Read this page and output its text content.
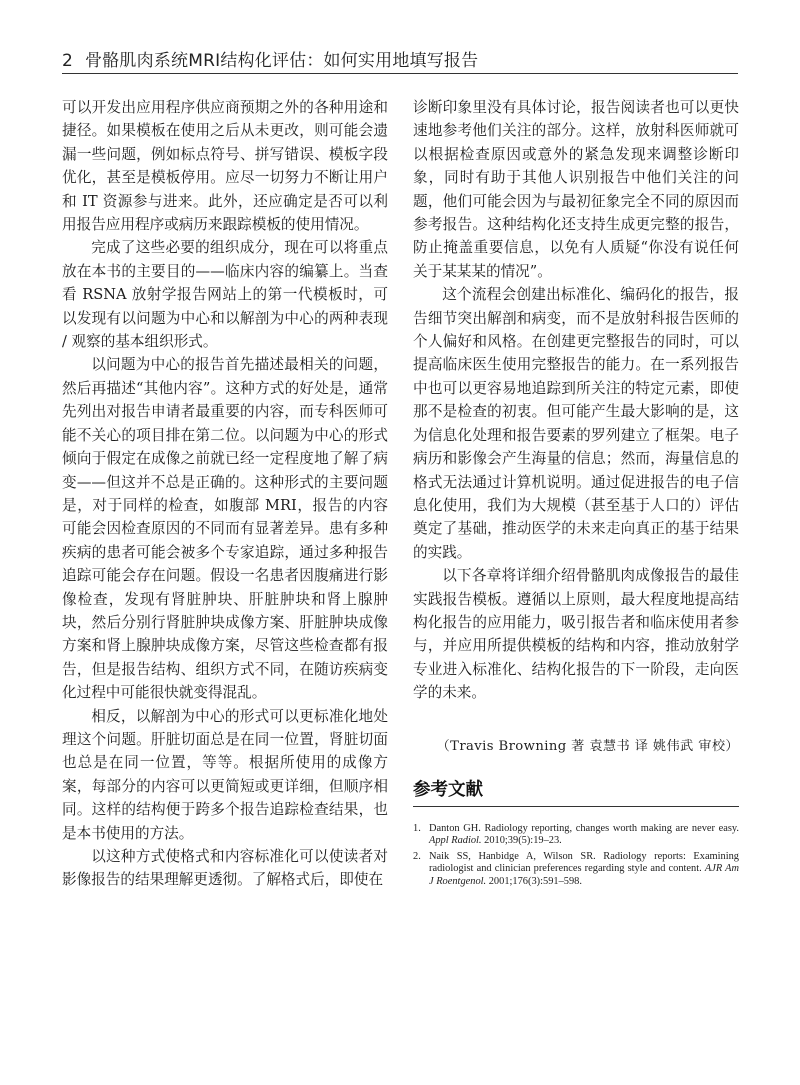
2 骨骼肌肉系统MRI结构化评估：如何实用地填写报告

可以开发出应用程序供应商预期之外的各种用途和捷径。如果模板在使用之后从未更改，则可能会遗漏一些问题，例如标点符号、拼写错误、模板字段优化，甚至是模板停用。应尽一切努力不断让用户和 IT 资源参与进来。此外，还应确定是否可以利用报告应用程序或病历来跟踪模板的使用情况。

完成了这些必要的组织成分，现在可以将重点放在本书的主要目的——临床内容的编纂上。当查看 RSNA 放射学报告网站上的第一代模板时，可以发现有以问题为中心和以解剖为中心的两种表现 / 观察的基本组织形式。

以问题为中心的报告首先描述最相关的问题，然后再描述“其他内容”。这种方式的好处是，通常先列出对报告申请者最重要的内容，而专科医师可能不关心的项目排在第二位。以问题为中心的形式倾向于假定在成像之前就已经一定程度地了解了病变——但这并不总是正确的。这种形式的主要问题是，对于同样的检查，如腹部 MRI，报告的内容可能会因检查原因的不同而有显著差异。患有多种疾病的患者可能会被多个专家追踪，通过多种报告追踪可能会存在问题。假设一名患者因腹痛进行影像检查，发现有肾脏肿块、肝脏肿块和肾上腺肿块，然后分别行肾脏肿块成像方案、肝脏肿块成像方案和肾上腺肿块成像方案，尽管这些检查都有报告，但是报告结构、组织方式不同，在随访疾病变化过程中可能很快就变得混乱。

相反，以解剖为中心的形式可以更标准化地处理这个问题。肝脏切面总是在同一位置，肾脏切面也总是在同一位置，等等。根据所使用的成像方案，每部分的内容可以更简短或更详细，但顺序相同。这样的结构便于跨多个报告追踪检查结果，也是本书使用的方法。

以这种方式使格式和内容标准化可以使读者对影像报告的结果理解更透彻。了解格式后，即使在

诊断印象里没有具体讨论，报告阅读者也可以更快速地参考他们关注的部分。这样，放射科医师就可以根据检查原因或意外的紧急发现来调整诊断印象，同时有助于其他人识别报告中他们关注的问题，他们可能会因为与最初征象完全不同的原因而参考报告。这种结构化还支持生成更完整的报告，防止掩盖重要信息，以免有人质疑“你没有说任何关于某某某的情况”。

这个流程会创建出标准化、编码化的报告，报告细节突出解剖和病变，而不是放射科报告医师的个人偏好和风格。在创建更完整报告的同时，可以提高临床医生使用完整报告的能力。在一系列报告中也可以更容易地追踪到所关注的特定元素，即使那不是检查的初衷。但可能产生最大影响的是，这为信息化处理和报告要素的罗列建立了框架。电子病历和影像会产生海量的信息；然而，海量信息的格式无法通过计算机说明。通过促进报告的电子信息化使用，我们为大规模（甚至基于人口的）评估奠定了基础，推动医学的未来走向真正的基于结果的实践。

以下各章将详细介绍骨骼肌肉成像报告的最佳实践报告模板。遵循以上原则，最大程度地提高结构化报告的应用能力，吸引报告者和临床使用者参与，并应用所提供模板的结构和内容，推动放射学专业进入标准化、结构化报告的下一阶段，走向医学的未来。

（Travis Browning 著 袁慧书 译 姚伟武 审校）
参考文献
1. Danton GH. Radiology reporting, changes worth making are never easy. Appl Radiol. 2010;39(5):19–23.
2. Naik SS, Hanbidge A, Wilson SR. Radiology reports: Examining radiologist and clinician preferences regarding style and content. AJR Am J Roentgenol. 2001;176(3):591–598.
